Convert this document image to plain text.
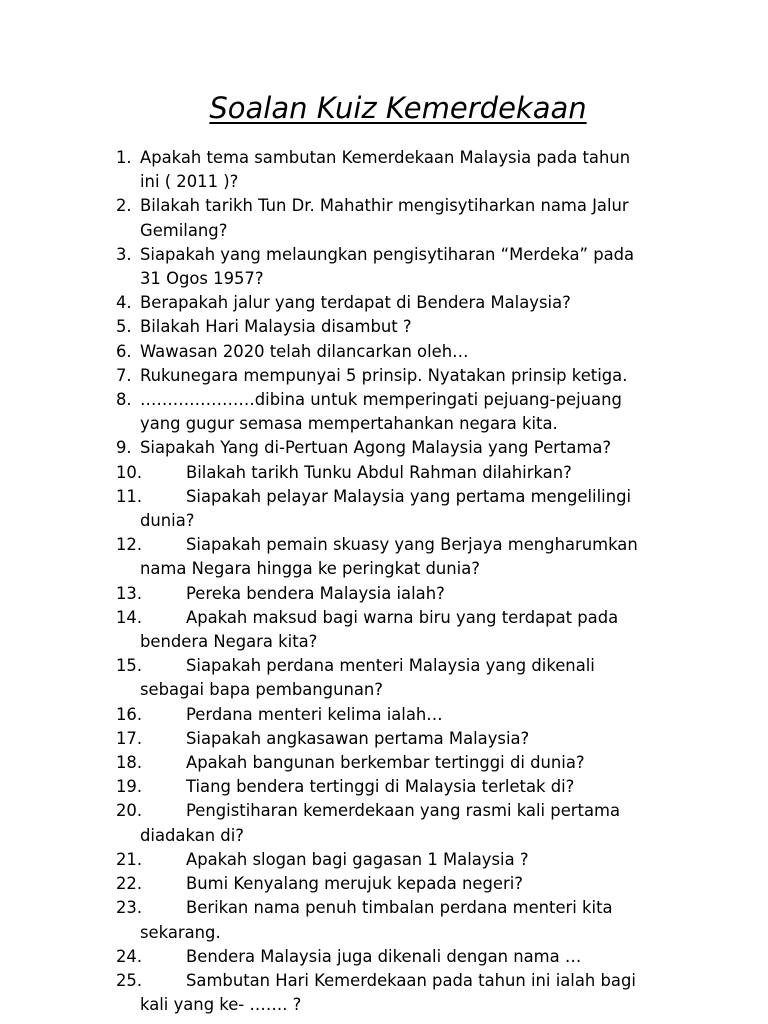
Soalan Kuiz Kemerdekaan
1. Apakah tema sambutan Kemerdekaan Malaysia pada tahun
ini ( 2011 )?
2. Bilakah tarikh Tun Dr. Mahathir mengisytiharkan nama Jalur
Gemilang?
3. Siapakah yang melaungkan pengisytiharan “Merdeka” pada
31 Ogos 1957?
4. Berapakah jalur yang terdapat di Bendera Malaysia?
5. Bilakah Hari Malaysia disambut ?
6. Wawasan 2020 telah dilancarkan oleh…
7. Rukunegara mempunyai 5 prinsip. Nyatakan prinsip ketiga.
8. …………………dibina untuk memperingati pejuang-pejuang
yang gugur semasa mempertahankan negara kita.
9. Siapakah Yang di-Pertuan Agong Malaysia yang Pertama?
10.	Bilakah tarikh Tunku Abdul Rahman dilahirkan?
11.	Siapakah pelayar Malaysia yang pertama mengelilingi
dunia?
12.	Siapakah pemain skuasy yang Berjaya mengharumkan
nama Negara hingga ke peringkat dunia?
13.	Pereka bendera Malaysia ialah?
14.	Apakah maksud bagi warna biru yang terdapat pada
bendera Negara kita?
15.	Siapakah perdana menteri Malaysia yang dikenali
sebagai bapa pembangunan?
16.	Perdana menteri kelima ialah…
17.	Siapakah angkasawan pertama Malaysia?
18.	Apakah bangunan berkembar tertinggi di dunia?
19.	Tiang bendera tertinggi di Malaysia terletak di?
20.	Pengistiharan kemerdekaan yang rasmi kali pertama
diadakan di?
21.	Apakah slogan bagi gagasan 1 Malaysia ?
22.	Bumi Kenyalang merujuk kepada negeri?
23.	Berikan nama penuh timbalan perdana menteri kita
sekarang.
24.	Bendera Malaysia juga dikenali dengan nama …
25.	Sambutan Hari Kemerdekaan pada tahun ini ialah bagi
kali yang ke- ……. ?
